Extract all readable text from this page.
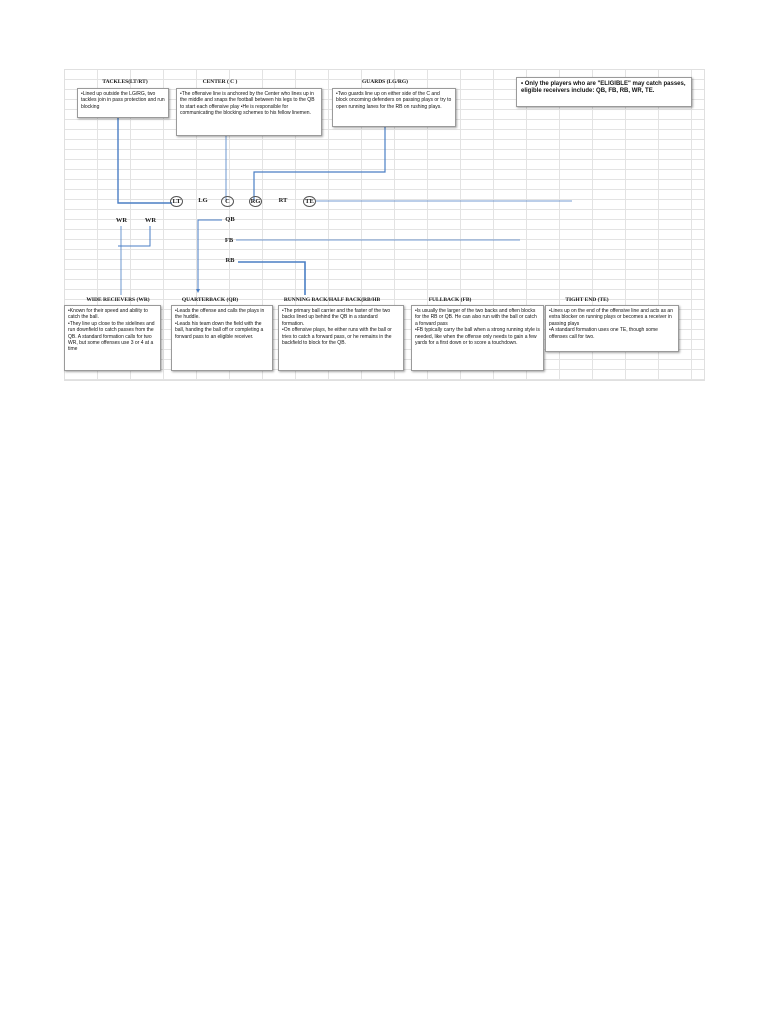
TACKLES(LT/RT)	CENTER ( C )	GUARDS (LG/RG)

•Lined up outside the LG/RG, two tackles join in pass protection and run blocking

•The offensive line is anchored by the Center who lines up in the middle and snaps the football between his legs to the QB to start each offensive play •He is responsible for communicating the blocking schemes to his fellow linemen.

•Two guards line up on either side of the C and block oncoming defenders on passing plays or try to open running lanes for the RB on rushing plays.

• Only the players who are "ELIGIBLE" may catch passes, eligible receivers include: QB, FB, RB, WR, TE.

LT	LG	C	RG	RT	TE
WR	WR	QB
FB
RB
WIDE RECIEVERS (WR)	QUARTERBACK (QB)	RUNNING BACK/HALF BACK(RB/HB	FULLBACK (FB)	TIGHT END (TE)

•Known for their speed and ability to catch the ball.

•They line up close to the sidelines and run downfield to catch passes from the QB. A standard formation calls for two WR, but some offenses use 3 or 4 at a time

•Leads the offense and calls the plays in the huddle.

•Leads his team down the field with the ball, handing the ball off or completing a forward pass to an eligible receiver.

•The primary ball carrier and the faster of the two backs lined up behind the QB in a standard formation.

•On offensive plays, he either runs with the ball or tries to catch a forward pass, or he remains in the backfield to block for the QB.

•Is usually the larger of the two backs and often blocks for the RB or QB. He can also run with the ball or catch a forward pass

•FB typically carry the ball when a strong running style is needed, like when the offense only needs to gain a few yards for a first down or to score a touchdown.

•Lines up on the end of the offensive line and acts as an extra blocker on running plays or becomes a receiver in passing plays

•A standard formation uses one TE, though some offenses call for two.
